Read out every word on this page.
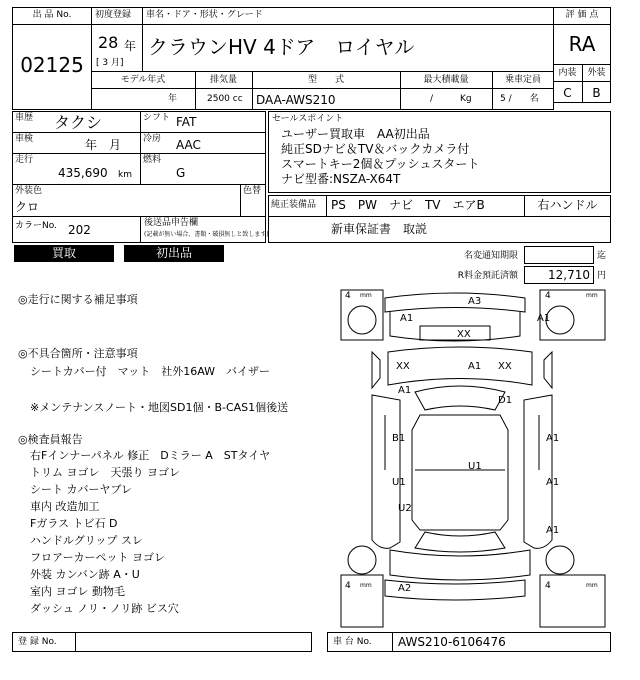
出 品 No.
02125
初度登録 車名・ドア・形状・グレード
28 年
[ 3 月]
クラウンHV 4ドア　ロイヤル
評 価 点
RA
内装	外装
C	B
モデル年式	排気量	型　　式	最大積載量	乗車定員
年	2500 cc DAA-AWS210	/　　　Kg	5 /　　名
車歴 タクシ	シフト FAT
車検	年　月 冷房 AAC
走行
435,690 km
燃料
G
外装色
クロ
色替
カラーNo. 202	後送品申告欄
(記載が無い場合、書類・破損無しと致します)
セールスポイント
ユーザー買取車　AA初出品
純正SDナビ＆TV＆バックカメラ付
スマートキー2個＆プッシュスタート
ナビ型番:NSZA-X64T
純正装備品 PS　PW　ナビ　TV　エアB	右ハンドル
新車保証書　取説
買取	初出品	名変通知期限	迄
R料金預託済額	12,710 円
◎走行に関する補足事項
◎不具合箇所・注意事項
シートカバー付　マット　社外16AW　バイザー
※メンテナンスノート・地図SD1個・B-CAS1個後送
◎検査員報告
右Fインナーパネル 修正　Dミラー A　STタイヤ
トリム ヨゴレ　天張り ヨゴレ
シート カバーヤブレ
車内 改造加工
Fガラス トビ石 D
ハンドルグリップ スレ
フロアーカーペット ヨゴレ
外装 カンバン跡 A・U
室内 ヨゴレ 動物毛
ダッシュ ノリ・ノリ跡 ビス穴
4 mm	4	mm
4 mm	4	mm
A3
A1	A1
XX
XX	A1 XX
A1
D1
B1	A1
U1
U1	A1
U2
A1
A2
登 録 No.	車 台 No. AWS210-6106476
